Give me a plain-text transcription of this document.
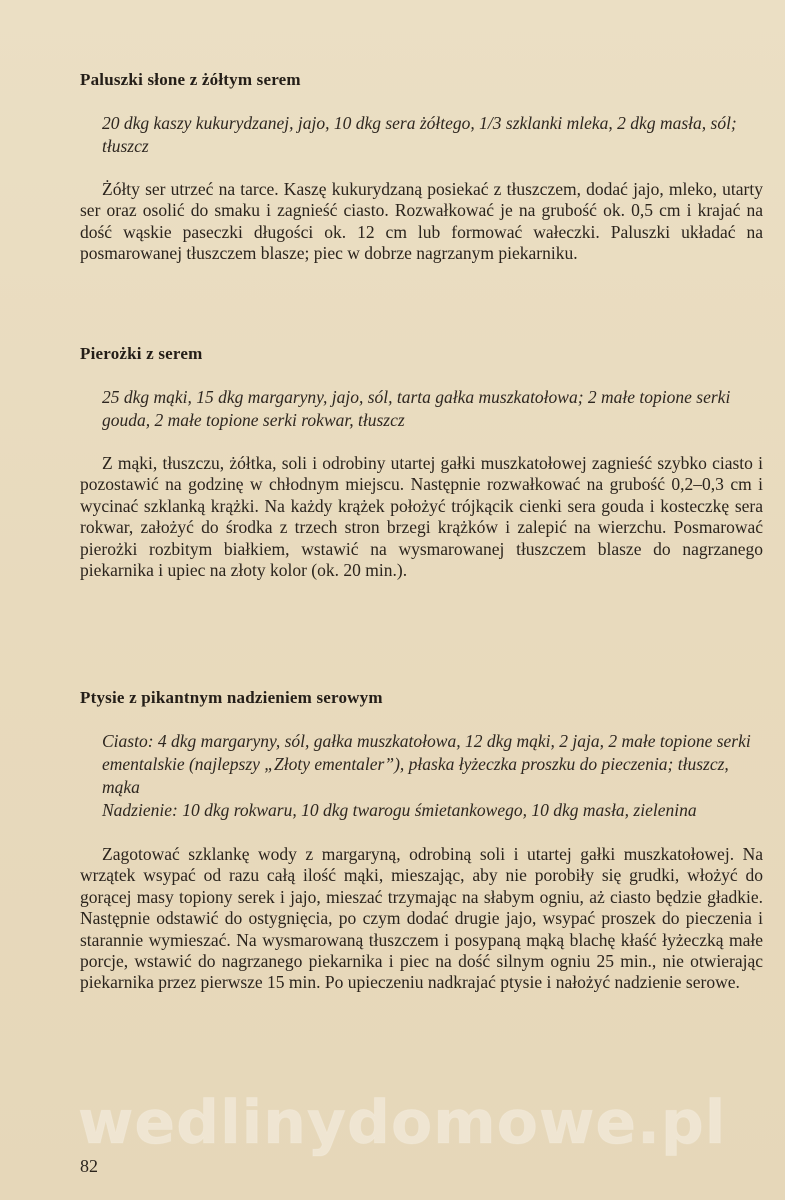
Paluszki słone z żółtym serem

20 dkg kaszy kukurydzanej, jajo, 10 dkg sera żółtego, 1/3 szklanki mleka, 2 dkg masła, sól; tłuszcz

Żółty ser utrzeć na tarce. Kaszę kukurydzaną posiekać z tłuszczem, dodać jajo, mleko, utarty ser oraz osolić do smaku i zagnieść ciasto. Rozwałkować je na grubość ok. 0,5 cm i krajać na dość wąskie paseczki długości ok. 12 cm lub formować wałeczki. Paluszki układać na posmarowanej tłuszczem blasze; piec w dobrze nagrzanym piekarniku.

Pierożki z serem

25 dkg mąki, 15 dkg margaryny, jajo, sól, tarta gałka muszkatołowa; 2 małe topione serki gouda, 2 małe topione serki rokwar, tłuszcz

Z mąki, tłuszczu, żółtka, soli i odrobiny utartej gałki muszkatołowej zagnieść szybko ciasto i pozostawić na godzinę w chłodnym miejscu. Następnie rozwałkować na grubość 0,2–0,3 cm i wycinać szklanką krążki. Na każdy krążek położyć trójkącik cienki sera gouda i kosteczkę sera rokwar, założyć do środka z trzech stron brzegi krążków i zalepić na wierzchu. Posmarować pierożki rozbitym białkiem, wstawić na wysmarowanej tłuszczem blasze do nagrzanego piekarnika i upiec na złoty kolor (ok. 20 min.).

Ptysie z pikantnym nadzieniem serowym

Ciasto: 4 dkg margaryny, sól, gałka muszkatołowa, 12 dkg mąki, 2 jaja, 2 małe topione serki ementalskie (najlepszy „Złoty ementaler”), płaska łyżeczka proszku do pieczenia; tłuszcz, mąka

Nadzienie: 10 dkg rokwaru, 10 dkg twarogu śmietankowego, 10 dkg masła, zielenina

Zagotować szklankę wody z margaryną, odrobiną soli i utartej gałki muszkatołowej. Na wrzątek wsypać od razu całą ilość mąki, mieszając, aby nie porobiły się grudki, włożyć do gorącej masy topiony serek i jajo, mieszać trzymając na słabym ogniu, aż ciasto będzie gładkie. Następnie odstawić do ostygnięcia, po czym dodać drugie jajo, wsypać proszek do pieczenia i starannie wymieszać. Na wysmarowaną tłuszczem i posypaną mąką blachę kłaść łyżeczką małe porcje, wstawić do nagrzanego piekarnika i piec na dość silnym ogniu 25 min., nie otwierając piekarnika przez pierwsze 15 min. Po upieczeniu nadkrajać ptysie i nałożyć nadzienie serowe.

wedlinydomowe.pl
82
